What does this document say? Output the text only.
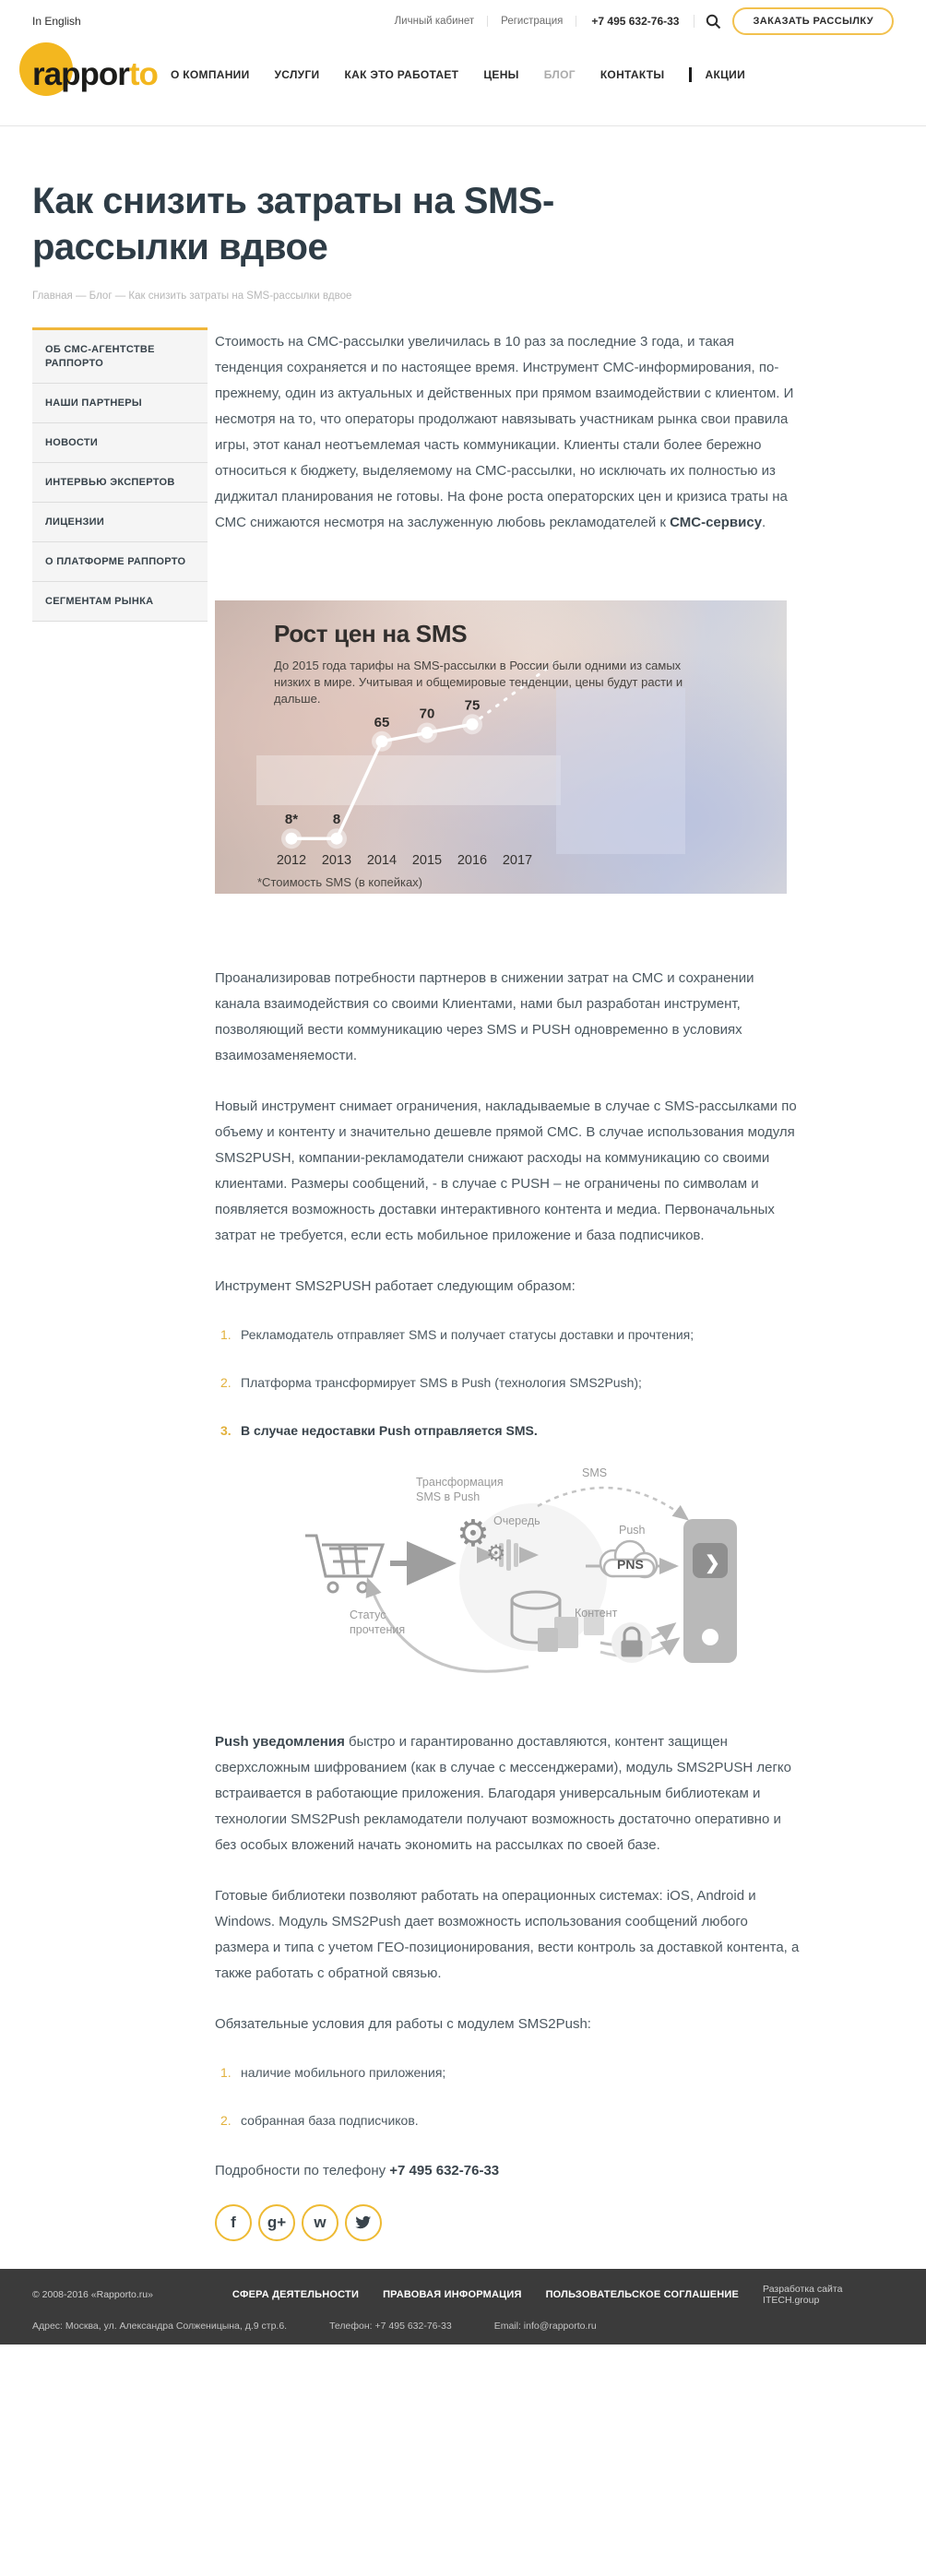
In English	Личный кабинет	Регистрация	+7 495 632-76-33	ЗАКАЗАТЬ РАССЫЛКУ
rapporto О КОМПАНИИ УСЛУГИ КАК ЭТО РАБОТАЕТ ЦЕНЫ БЛОГ КОНТАКТЫ	АКЦИИ
Как снизить затраты на SMS-рассылки вдвое
Главная — Блог — Как снизить затраты на SMS-рассылки вдвое
ОБ СМС-АГЕНТСТВЕ РАППОРТО
НАШИ ПАРТНЕРЫ
НОВОСТИ
ИНТЕРВЬЮ ЭКСПЕРТОВ
ЛИЦЕНЗИИ
О ПЛАТФОРМЕ РАППОРТО
СЕГМЕНТАМ РЫНКА

Стоимость на СМС-рассылки увеличилась в 10 раз за последние 3 года, и такая тенденция сохраняется и по настоящее время. Инструмент СМС-информирования, по-прежнему, один из актуальных и действенных при прямом взаимодействии с клиентом. И несмотря на то, что операторы продолжают навязывать участникам рынка свои правила игры, этот канал неотъемлемая часть коммуникации. Клиенты стали более бережно относиться к бюджету, выделяемому на СМС-рассылки, но исключать их полностью из диджитал планирования не готовы. На фоне роста операторских цен и кризиса траты на СМС снижаются несмотря на заслуженную любовь рекламодателей к СМС-сервису.

8*	8
65
70
75
2012 2013 2014 2015 2016 2017
Рост цен на SMS
До 2015 года тарифы на SMS-рассылки в России были одними из самых низких в мире. Учитывая и общемировые тенденции, цены будут расти и дальше.
*Стоимость SMS (в копейках)

Проанализировав потребности партнеров в снижении затрат на СМС и сохранении канала взаимодействия со своими Клиентами, нами был разработан инструмент, позволяющий вести коммуникацию через SMS и PUSH одновременно в условиях взаимозаменяемости.

Новый инструмент снимает ограничения, накладываемые в случае с SMS-рассылками по объему и контенту и значительно дешевле прямой СМС. В случае использования модуля SMS2PUSH, компании-рекламодатели снижают расходы на коммуникацию со своими клиентами. Размеры сообщений, - в случае с PUSH – не ограничены по символам и появляется возможность доставки интерактивного контента и медиа. Первоначальных затрат не требуется, если есть мобильное приложение и база подписчиков.

Инструмент SMS2PUSH работает следующим образом:

1. Рекламодатель отправляет SMS и получает статусы доставки и прочтения;
2. Платформа трансформирует SMS в Push (технология SMS2Push);
3. В случае недоставки Push отправляется SMS.
Трансформация
SMS в Push
SMS
Очередь
Push
PNS
Контент
Статус
прочтения
⚙
⚙	❯

Push уведомления быстро и гарантированно доставляются, контент защищен сверхсложным шифрованием (как в случае с мессенджерами), модуль SMS2PUSH легко встраивается в работающие приложения. Благодаря универсальным библиотекам и технологии SMS2Push рекламодатели получают возможность достаточно оперативно и без особых вложений начать экономить на рассылках по своей базе.

Готовые библиотеки позволяют работать на операционных системах: iOS, Android и Windows. Модуль SMS2Push дает возможность использования сообщений любого размера и типа с учетом ГЕО-позиционирования, вести контроль за доставкой контента, а также работать с обратной связью.

Обязательные условия для работы с модулем SMS2Push:

1. наличие мобильного приложения;
2. собранная база подписчиков.

Подробности по телефону +7 495 632-76-33

f	g+	w
© 2008-2016 «Rapporto.ru»	СФЕРА ДЕЯТЕЛЬНОСТИ ПРАВОВАЯ ИНФОРМАЦИЯ ПОЛЬЗОВАТЕЛЬСКОЕ СОГЛАШЕНИЕ Разработка сайта ITECH.group
Адрес: Москва, ул. Александра Солженицына, д.9 стр.6.	Телефон: +7 495 632-76-33	Email: info@rapporto.ru
